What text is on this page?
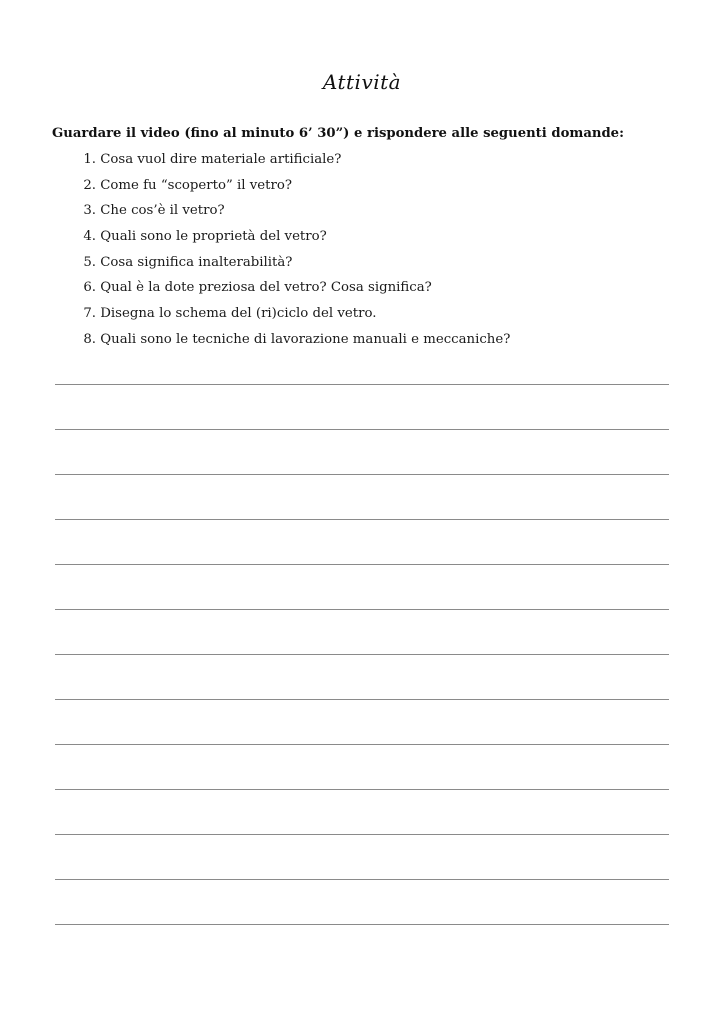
Attività
Guardare il video (fino al minuto 6’ 30”) e rispondere alle seguenti domande:
1.
Cosa vuol dire materiale artificiale?
2.
Come fu “scoperto” il vetro?
3.
Che cos’è il vetro?
4.
Quali sono le proprietà del vetro?
5.
Cosa significa inalterabilità?
6.
Qual è la dote preziosa del vetro? Cosa significa?
7.
Disegna lo schema del (ri)ciclo del vetro.
8.
Quali sono le tecniche di lavorazione manuali e meccaniche?
